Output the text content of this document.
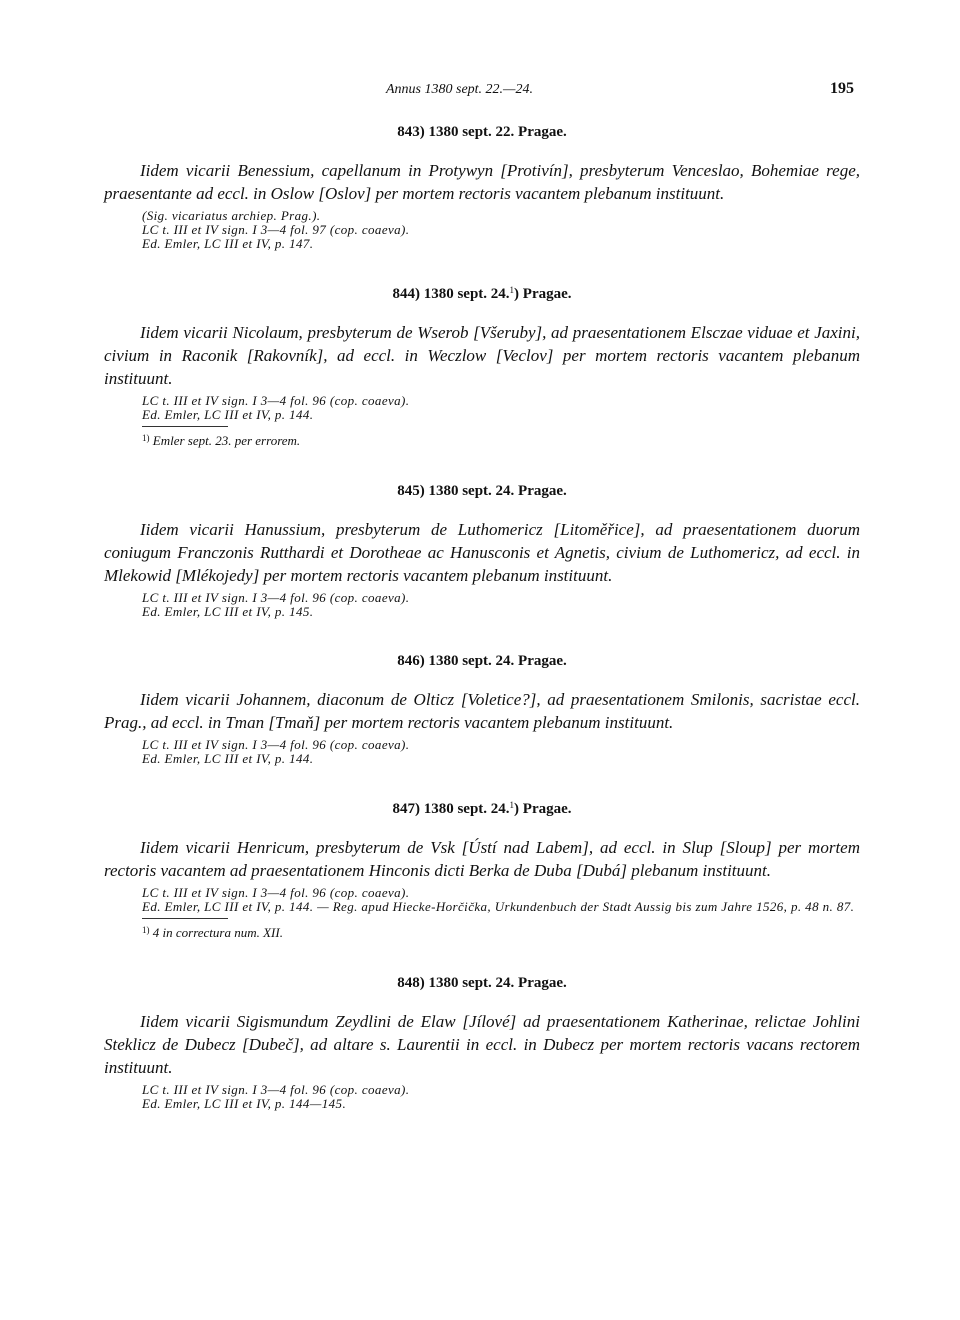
Annus 1380 sept. 22.—24.	195

843) 1380 sept. 22. Pragae.

Iidem vicarii Benessium, capellanum in Protywyn [Protivín], presbyterum Venceslao, Bohemiae rege, praesentante ad eccl. in Oslow [Oslov] per mortem rectoris vacantem plebanum instituunt.

(Sig. vicariatus archiep. Prag.).

LC t. III et IV sign. I 3—4 fol. 97 (cop. coaeva).

Ed. Emler, LC III et IV, p. 147.

844) 1380 sept. 24.$^1$) Pragae.

Iidem vicarii Nicolaum, presbyterum de Wserob [Všeruby], ad praesentationem Elsczae viduae et Jaxini, civium in Raconik [Rakovník], ad eccl. in Weczlow [Veclov] per mortem rectoris vacantem plebanum instituunt.

LC t. III et IV sign. I 3—4 fol. 96 (cop. coaeva).

Ed. Emler, LC III et IV, p. 144.

$^{1)}$ Emler sept. 23. per errorem.

845) 1380 sept. 24. Pragae.

Iidem vicarii Hanussium, presbyterum de Luthomericz [Litoměřice], ad praesentationem duorum coniugum Franczonis Rutthardi et Dorotheae ac Hanusconis et Agnetis, civium de Luthomericz, ad eccl. in Mlekowid [Mlékojedy] per mortem rectoris vacantem plebanum instituunt.

LC t. III et IV sign. I 3—4 fol. 96 (cop. coaeva).

Ed. Emler, LC III et IV, p. 145.

846) 1380 sept. 24. Pragae.

Iidem vicarii Johannem, diaconum de Olticz [Voletice?], ad praesentationem Smilonis, sacristae eccl. Prag., ad eccl. in Tman [Tmaň] per mortem rectoris vacantem plebanum instituunt.

LC t. III et IV sign. I 3—4 fol. 96 (cop. coaeva).

Ed. Emler, LC III et IV, p. 144.

847) 1380 sept. 24.$^1$) Pragae.

Iidem vicarii Henricum, presbyterum de Vsk [Ústí nad Labem], ad eccl. in Slup [Sloup] per mortem rectoris vacantem ad praesentationem Hinconis dicti Berka de Duba [Dubá] plebanum instituunt.

LC t. III et IV sign. I 3—4 fol. 96 (cop. coaeva).

Ed. Emler, LC III et IV, p. 144. — Reg. apud Hiecke-Horčička, Urkundenbuch der Stadt Aussig bis zum Jahre 1526, p. 48 n. 87.

$^{1)}$ 4 in correctura num. XII.

848) 1380 sept. 24. Pragae.

Iidem vicarii Sigismundum Zeydlini de Elaw [Jílové] ad praesentationem Katherinae, relictae Johlini Steklicz de Dubecz [Dubeč], ad altare s. Laurentii in eccl. in Dubecz per mortem rectoris vacans rectorem instituunt.

LC t. III et IV sign. I 3—4 fol. 96 (cop. coaeva).

Ed. Emler, LC III et IV, p. 144—145.
